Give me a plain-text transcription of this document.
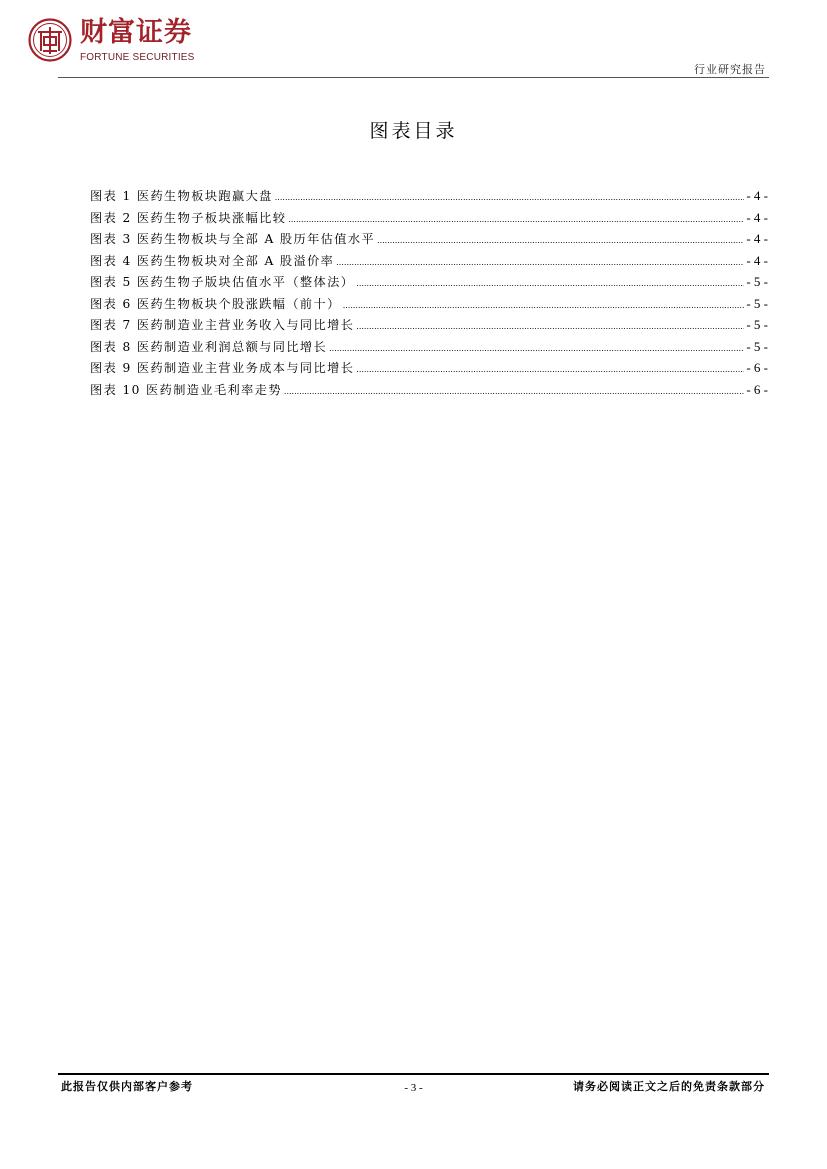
财富证券
FORTUNE SECURITIES
行业研究报告
图表目录
图表 1 医药生物板块跑赢大盘 .....	- 4 -
图表 2 医药生物子板块涨幅比较 .....	- 4 -
图表 3 医药生物板块与全部 A 股历年估值水平 .....	- 4 -
图表 4 医药生物板块对全部 A 股溢价率 .....	- 4 -
图表 5 医药生物子版块估值水平（整体法） .....	- 5 -
图表 6 医药生物板块个股涨跌幅（前十） .....	- 5 -
图表 7 医药制造业主营业务收入与同比增长 .....	- 5 -
图表 8 医药制造业利润总额与同比增长 .....	- 5 -
图表 9 医药制造业主营业务成本与同比增长 .....	- 6 -
图表 10 医药制造业毛利率走势 .....	- 6 -
此报告仅供内部客户参考	- 3 -	请务必阅读正文之后的免责条款部分
